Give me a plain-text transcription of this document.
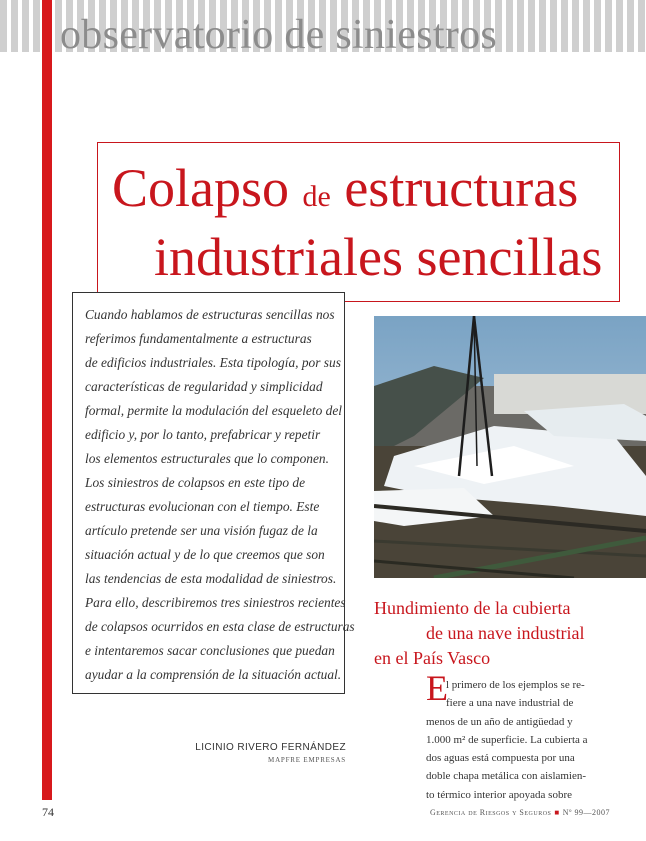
observatorio de siniestros
Colapso de estructuras
industriales sencillas

Cuando hablamos de estructuras sencillas nos
referimos fundamentalmente a estructuras
de edificios industriales. Esta tipología, por sus
características de regularidad y simplicidad
formal, permite la modulación del esqueleto del
edificio y, por lo tanto, prefabricar y repetir
los elementos estructurales que lo componen.
Los siniestros de colapsos en este tipo de
estructuras evolucionan con el tiempo. Este
artículo pretende ser una visión fugaz de la
situación actual y de lo que creemos que son
las tendencias de esta modalidad de siniestros.
Para ello, describiremos tres siniestros recientes
de colapsos ocurridos en esta clase de estructuras
e intentaremos sacar conclusiones que puedan
ayudar a la comprensión de la situación actual.

Hundimiento de la cubierta
de una nave industrial
en el País Vasco
E
l primero de los ejemplos se re-
fiere a una nave industrial de
menos de un año de antigüedad y
1.000 m² de superficie. La cubierta a
dos aguas está compuesta por una
doble chapa metálica con aislamien-
to térmico interior apoyada sobre
LICINIO RIVERO FERNÁNDEZ
MAPFRE EMPRESAS
74	Gerencia de Riesgos y Seguros ■ Nº 99—2007
